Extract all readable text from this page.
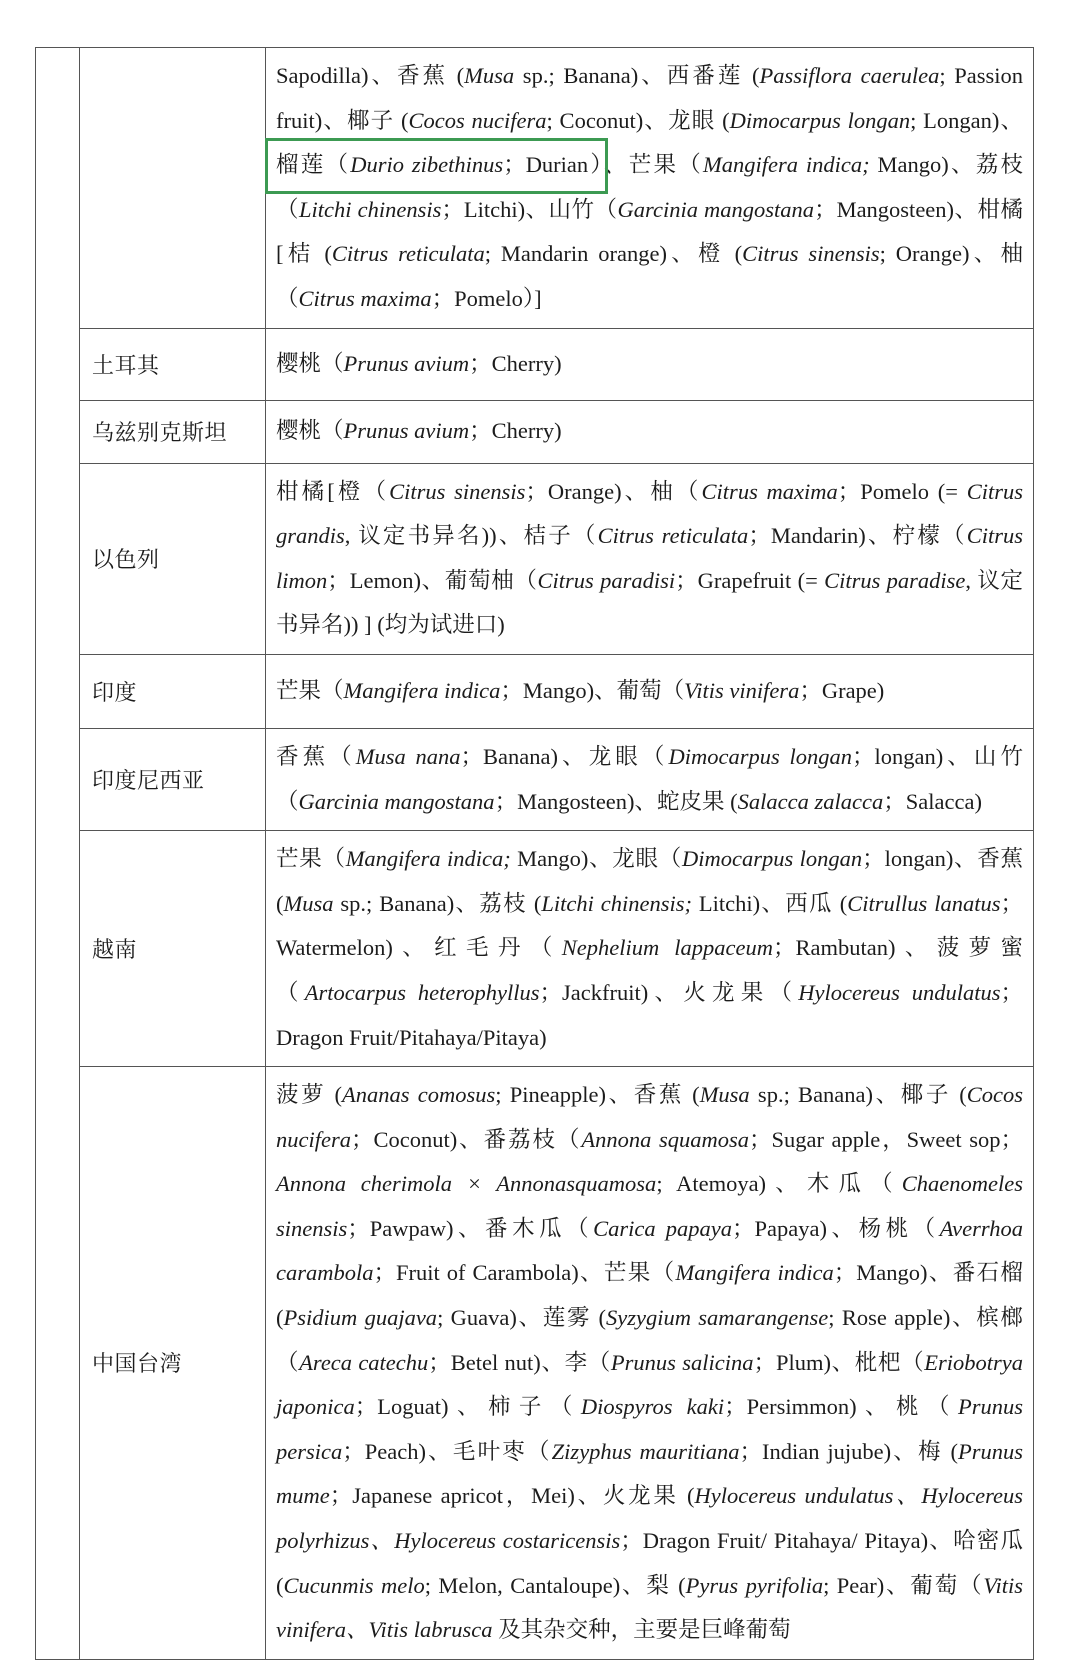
		Sapodilla)、香蕉 (Musa sp.; Banana)、西番莲 (Passiflora caerulea; Passion fruit)、椰子 (Cocos nucifera; Coconut)、龙眼 (Dimocarpus longan; Longan)、榴莲（Durio zibethinus；Durian）、芒果（Mangifera indica; Mango)、荔枝（Litchi chinensis；Litchi)、山竹（Garcinia mangostana；Mangosteen)、柑橘[桔 (Citrus reticulata; Mandarin orange)、橙 (Citrus sinensis; Orange)、柚（Citrus maxima；Pomelo）]
	土耳其	樱桃（Prunus avium；Cherry)
	乌兹别克斯坦	樱桃（Prunus avium；Cherry)
	以色列	柑橘[橙（Citrus sinensis；Orange)、柚（Citrus maxima；Pomelo (= Citrus grandis, 议定书异名))、桔子（Citrus reticulata；Mandarin)、柠檬（Citrus limon；Lemon)、葡萄柚（Citrus paradisi；Grapefruit (= Citrus paradise, 议定书异名)) ] (均为试进口)
	印度	芒果（Mangifera indica；Mango)、葡萄（Vitis vinifera；Grape)
	印度尼西亚	香蕉（Musa nana；Banana)、龙眼（Dimocarpus longan；longan)、山竹（Garcinia mangostana；Mangosteen)、蛇皮果 (Salacca zalacca；Salacca)
	越南	芒果（Mangifera indica; Mango)、龙眼（Dimocarpus longan；longan)、香蕉 (Musa sp.; Banana)、荔枝 (Litchi chinensis; Litchi)、西瓜 (Citrullus lanatus；Watermelon)、红毛丹（Nephelium lappaceum；Rambutan)、菠萝蜜（Artocarpus heterophyllus；Jackfruit)、火龙果（Hylocereus undulatus；Dragon Fruit/Pitahaya/Pitaya)
	中国台湾	菠萝 (Ananas comosus; Pineapple)、香蕉 (Musa sp.; Banana)、椰子 (Cocos nucifera；Coconut)、番荔枝（Annona squamosa；Sugar apple，Sweet sop；Annona cherimola × Annonasquamosa; Atemoya)、木瓜（Chaenomeles sinensis；Pawpaw)、番木瓜（Carica papaya；Papaya)、杨桃（Averrhoa carambola；Fruit of Carambola)、芒果（Mangifera indica；Mango)、番石榴 (Psidium guajava; Guava)、莲雾 (Syzygium samarangense; Rose apple)、槟榔（Areca catechu；Betel nut)、李（Prunus salicina；Plum)、枇杷（Eriobotrya japonica；Loguat)、柿子（Diospyros kaki；Persimmon)、桃（Prunus persica；Peach)、毛叶枣（Zizyphus mauritiana；Indian jujube)、梅 (Prunus mume；Japanese apricot，Mei)、火龙果 (Hylocereus undulatus、Hylocereus polyrhizus、Hylocereus costaricensis；Dragon Fruit/ Pitahaya/ Pitaya)、哈密瓜 (Cucunmis melo; Melon, Cantaloupe)、梨 (Pyrus pyrifolia; Pear)、葡萄（Vitis vinifera、Vitis labrusca 及其杂交种，主要是巨峰葡萄
